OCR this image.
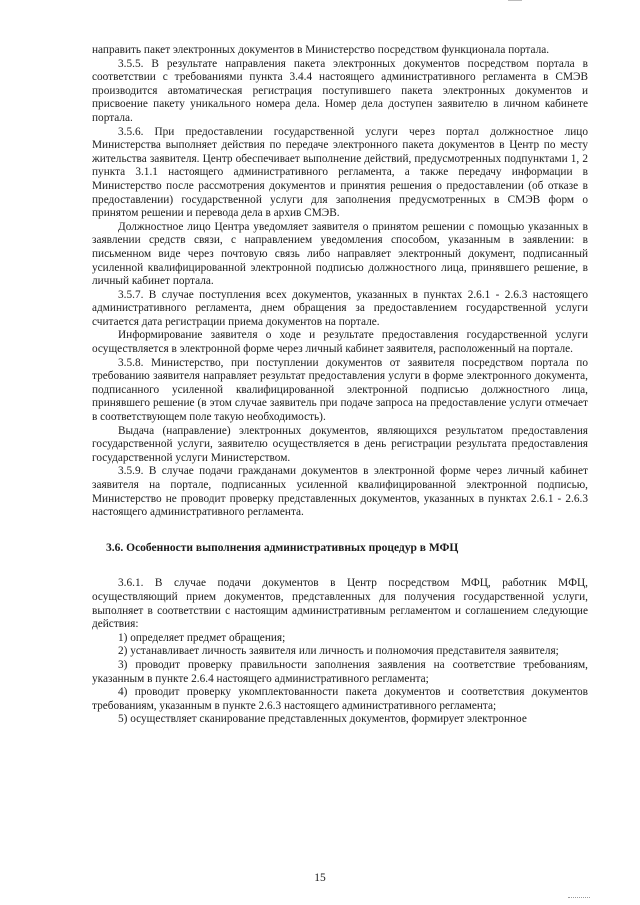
направить пакет электронных документов в Министерство посредством функционала портала.

3.5.5. В результате направления пакета электронных документов посредством портала в соответствии с требованиями пункта 3.4.4 настоящего административного регламента в СМЭВ производится автоматическая регистрация поступившего пакета электронных документов и присвоение пакету уникального номера дела. Номер дела доступен заявителю в личном кабинете портала.

3.5.6. При предоставлении государственной услуги через портал должностное лицо Министерства выполняет действия по передаче электронного пакета документов в Центр по месту жительства заявителя. Центр обеспечивает выполнение действий, предусмотренных подпунктами 1, 2 пункта 3.1.1 настоящего административного регламента, а также передачу информации в Министерство после рассмотрения документов и принятия решения о предоставлении (об отказе в предоставлении) государственной услуги для заполнения предусмотренных в СМЭВ форм о принятом решении и перевода дела в архив СМЭВ.

Должностное лицо Центра уведомляет заявителя о принятом решении с помощью указанных в заявлении средств связи, с направлением уведомления способом, указанным в заявлении: в письменном виде через почтовую связь либо направляет электронный документ, подписанный усиленной квалифицированной электронной подписью должностного лица, принявшего решение, в личный кабинет портала.

3.5.7. В случае поступления всех документов, указанных в пунктах 2.6.1 - 2.6.3 настоящего административного регламента, днем обращения за предоставлением государственной услуги считается дата регистрации приема документов на портале.

Информирование заявителя о ходе и результате предоставления государственной услуги осуществляется в электронной форме через личный кабинет заявителя, расположенный на портале.

3.5.8. Министерство, при поступлении документов от заявителя посредством портала по требованию заявителя направляет результат предоставления услуги в форме электронного документа, подписанного усиленной квалифицированной электронной подписью должностного лица, принявшего решение (в этом случае заявитель при подаче запроса на предоставление услуги отмечает в соответствующем поле такую необходимость).

Выдача (направление) электронных документов, являющихся результатом предоставления государственной услуги, заявителю осуществляется в день регистрации результата предоставления государственной услуги Министерством.

3.5.9. В случае подачи гражданами документов в электронной форме через личный кабинет заявителя на портале, подписанных усиленной квалифицированной электронной подписью, Министерство не проводит проверку представленных документов, указанных в пунктах 2.6.1 - 2.6.3 настоящего административного регламента.

3.6. Особенности выполнения административных процедур в МФЦ

3.6.1. В случае подачи документов в Центр посредством МФЦ, работник МФЦ, осуществляющий прием документов, представленных для получения государственной услуги, выполняет в соответствии с настоящим административным регламентом и соглашением следующие действия:

1) определяет предмет обращения;

2) устанавливает личность заявителя или личность и полномочия представителя заявителя;

3) проводит проверку правильности заполнения заявления на соответствие требованиям, указанным в пункте 2.6.4 настоящего административного регламента;

4) проводит проверку укомплектованности пакета документов и соответствия документов требованиям, указанным в пункте 2.6.3 настоящего административного регламента;

5) осуществляет сканирование представленных документов, формирует электронное

15
